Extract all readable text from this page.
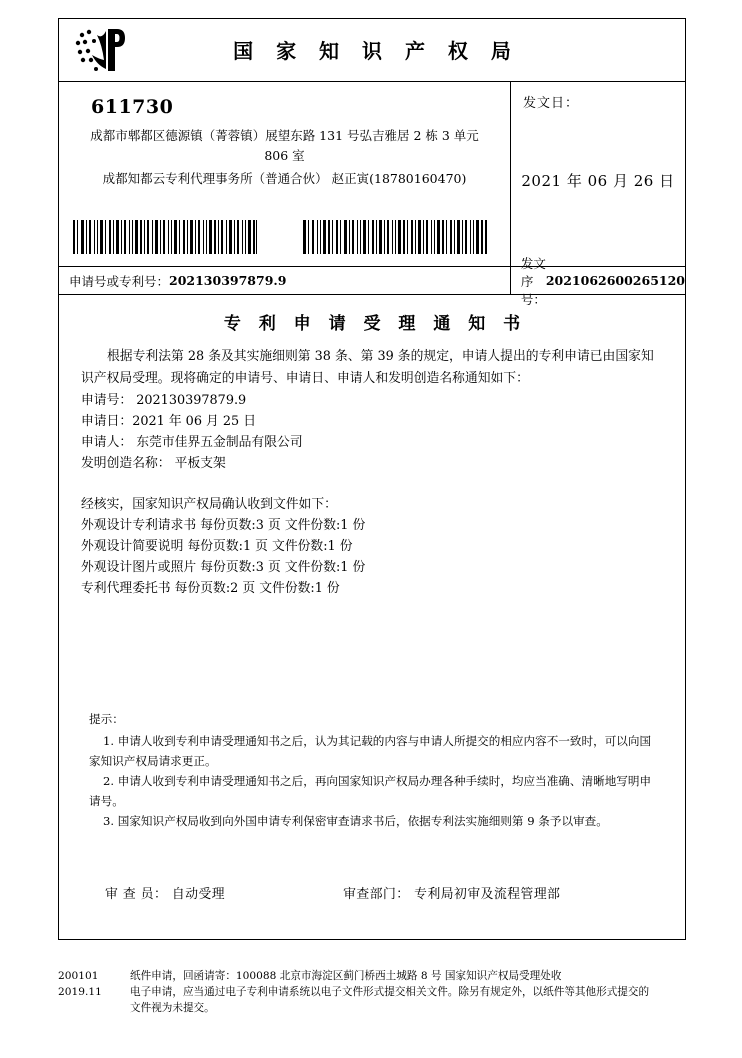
国 家 知 识 产 权 局
611730
成都市郫都区德源镇（菁蓉镇）展望东路 131 号弘吉雅居 2 栋 3 单元
806 室
成都知都云专利代理事务所（普通合伙） 赵正寅(18780160470)

发文日：
2021 年 06 月 26 日
申请号或专利号： 202130397879.9
发文序号：
2021062600265120
专 利 申 请 受 理 通 知 书
根据专利法第 28 条及其实施细则第 38 条、第 39 条的规定，申请人提出的专利申请已由国家知识产权局受理。现将确定的申请号、申请日、申请人和发明创造名称通知如下：
申请号： 202130397879.9
申请日：2021 年 06 月 25 日
申请人： 东莞市佳界五金制品有限公司
发明创造名称： 平板支架
经核实，国家知识产权局确认收到文件如下：
外观设计专利请求书 每份页数:3 页 文件份数:1 份
外观设计简要说明 每份页数:1 页 文件份数:1 份
外观设计图片或照片 每份页数:3 页 文件份数:1 份
专利代理委托书 每份页数:2 页 文件份数:1 份
提示：
1. 申请人收到专利申请受理通知书之后，认为其记载的内容与申请人所提交的相应内容不一致时，可以向国家知识产权局请求更正。
2. 申请人收到专利申请受理通知书之后，再向国家知识产权局办理各种手续时，均应当准确、清晰地写明申请号。
3. 国家知识产权局收到向外国申请专利保密审查请求书后，依据专利法实施细则第 9 条予以审查。
审 查 员： 自动受理	审查部门： 专利局初审及流程管理部
200101
2019.11
纸件申请，回函请寄：100088 北京市海淀区蓟门桥西土城路 8 号 国家知识产权局受理处收
电子申请，应当通过电子专利申请系统以电子文件形式提交相关文件。除另有规定外，以纸件等其他形式提交的
文件视为未提交。
